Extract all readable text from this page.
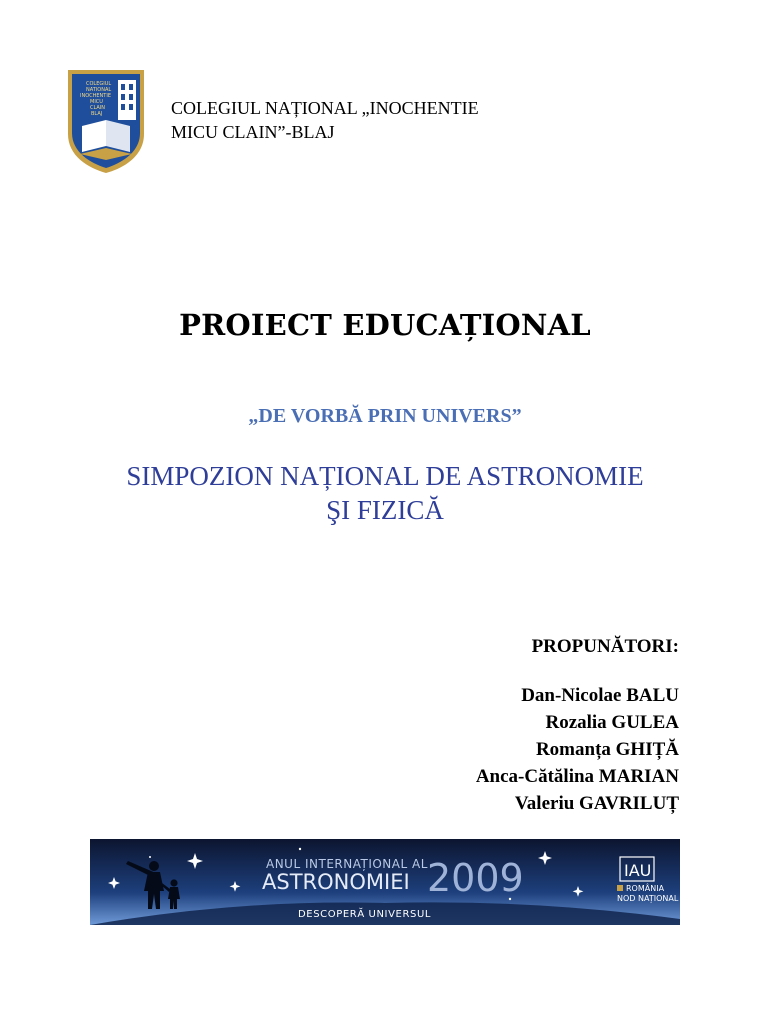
COLEGIUL
NATIONAL
INOCHENTIE
MICU
CLAIN
BLAJ	COLEGIUL NAȚIONAL „INOCHENTIE
MICU CLAIN”-BLAJ
PROIECT EDUCAȚIONAL
„DE VORBĂ PRIN UNIVERS”
SIMPOZION NAȚIONAL DE ASTRONOMIE
ŞI FIZICĂ
PROPUNĂTORI:
Dan-Nicolae BALU
Rozalia GULEA
Romanța GHIȚĂ
Anca-Cătălina MARIAN
Valeriu GAVRILUȚ
ANUL INTERNAȚIONAL AL
ASTRONOMIEI 2009
DESCOPERĂ UNIVERSUL
IAU
ROMÂNIA
NOD NAȚIONAL
